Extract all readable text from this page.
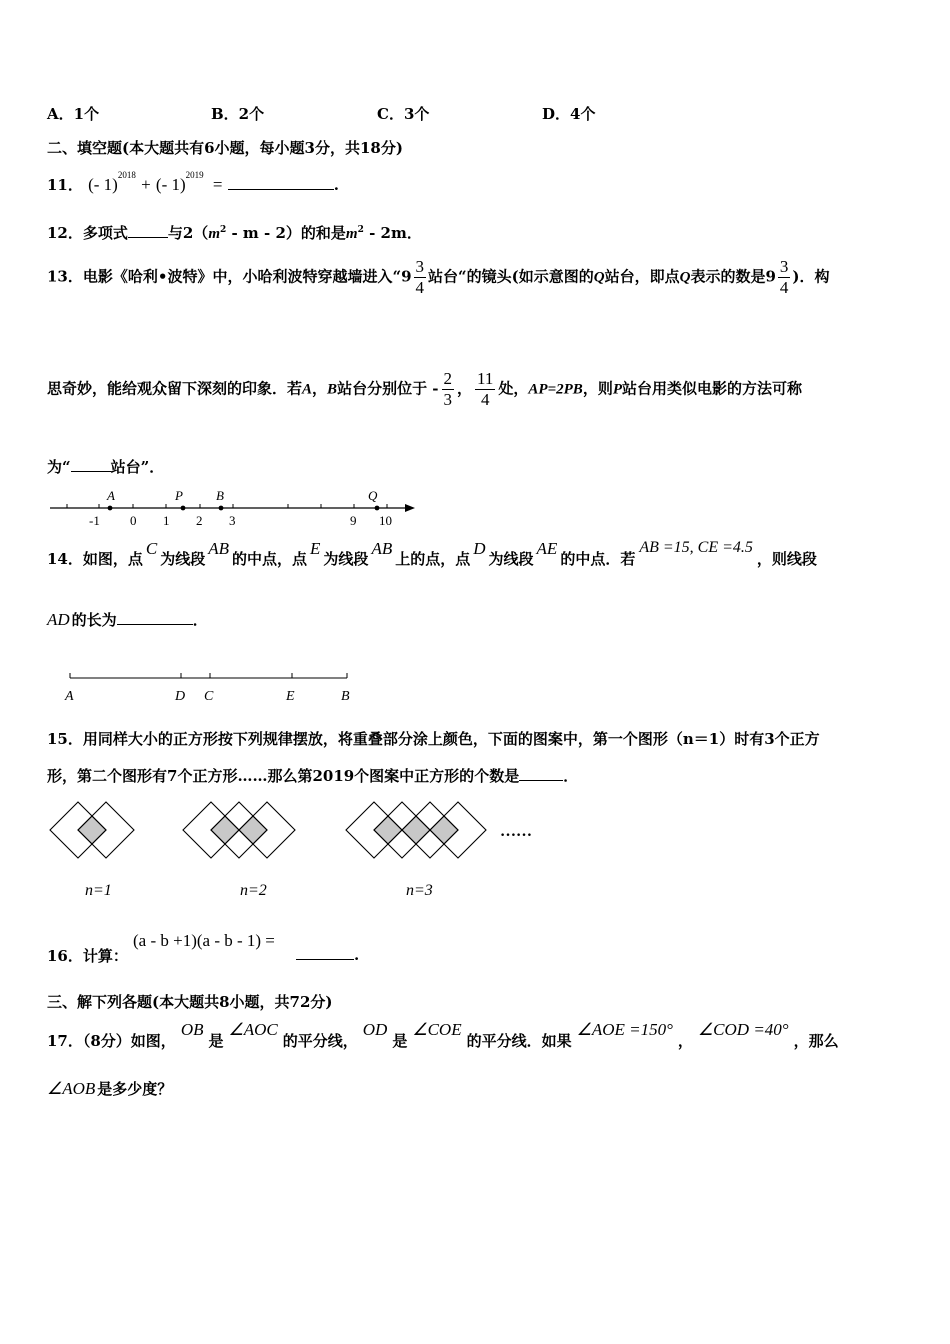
A．1个	B．2个	C．3个	D．4个
二、填空题(本大题共有6小题，每小题3分，共18分)
11． (- 1)$^{2018}$ + (- 1)$^{2019}$ =	.
12．多项式	与$2(m^2$ - m - 2）的和是$m^2 - 2m$．
13．电影《哈利•波特》中，小哈利波特穿越墙进入“$9 \frac{3}{4}$ 站台“的镜头(如示意图的Q站台，即点Q表示的数是$9 \frac{3}{4}$ )．构
思奇妙，能给观众留下深刻的印象．若A，B站台分别位于 - $\frac{2}{3}$ ， $\frac{11}{4}$ 处，AP=2PB，则P站台用类似电影的方法可称
为“	站台”．
A	P	B	Q
-1 0 1 2 3	9 10
14．如图，点C为线段AB的中点，点E为线段AB上的点，点D为线段AE的中点．若AB =15, CE =4.5，则线段
AD 的长为	．
A	D C	E	B
15．用同样大小的正方形按下列规律摆放，将重叠部分涂上颜色，下面的图案中，第一个图形（n＝1）时有3个正方
形，第二个图形有7个正方形……那么第2019个图案中正方形的个数是	．
……
n=1	n=2	n=3
16．计算：
(a - b +1)(a - b - 1) =
.
三、解下列各题(本大题共8小题，共72分)
17．（8分）如图，OB是∠AOC的平分线，OD是∠COE的平分线．如果∠AOE =150°，∠COD =40°，那么
∠AOB 是多少度？
